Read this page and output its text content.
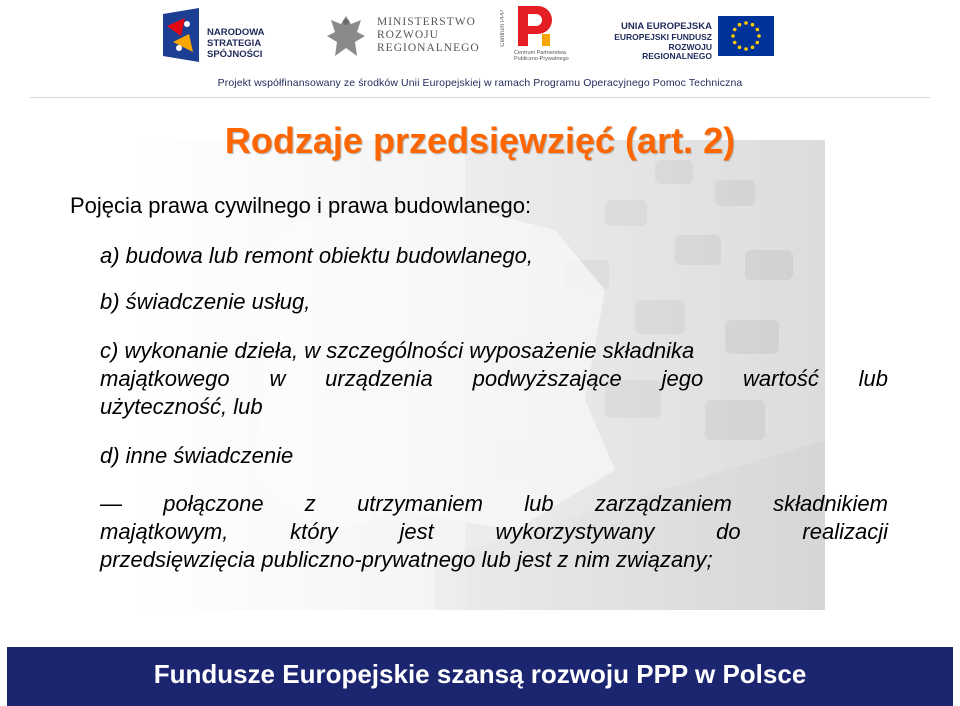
NARODOWA
STRATEGIA SPÓJNOŚCI
MINISTERSTWO
ROZWOJU
REGIONALNEGO
Centrum PPP
Centrum Partnerstwa
Publiczno-Prywatnego
UNIA EUROPEJSKA
EUROPEJSKI FUNDUSZ
ROZWOJU REGIONALNEGO
Projekt współfinansowany ze środków Unii Europejskiej w ramach Programu Operacyjnego Pomoc Techniczna
Rodzaje przedsięwzięć (art. 2)
Pojęcia prawa cywilnego i prawa budowlanego:
a) budowa lub remont obiektu budowlanego,
b) świadczenie usług,
c) wykonanie dzieła, w szczególności wyposażenie składnika
majątkowego w urządzenia podwyższające jego wartość lub
użyteczność, lub
d) inne świadczenie
— połączone z utrzymaniem lub zarządzaniem składnikiem
majątkowym, który jest wykorzystywany do realizacji
przedsięwzięcia publiczno-prywatnego lub jest z nim związany;
Fundusze Europejskie szansą rozwoju PPP w Polsce
